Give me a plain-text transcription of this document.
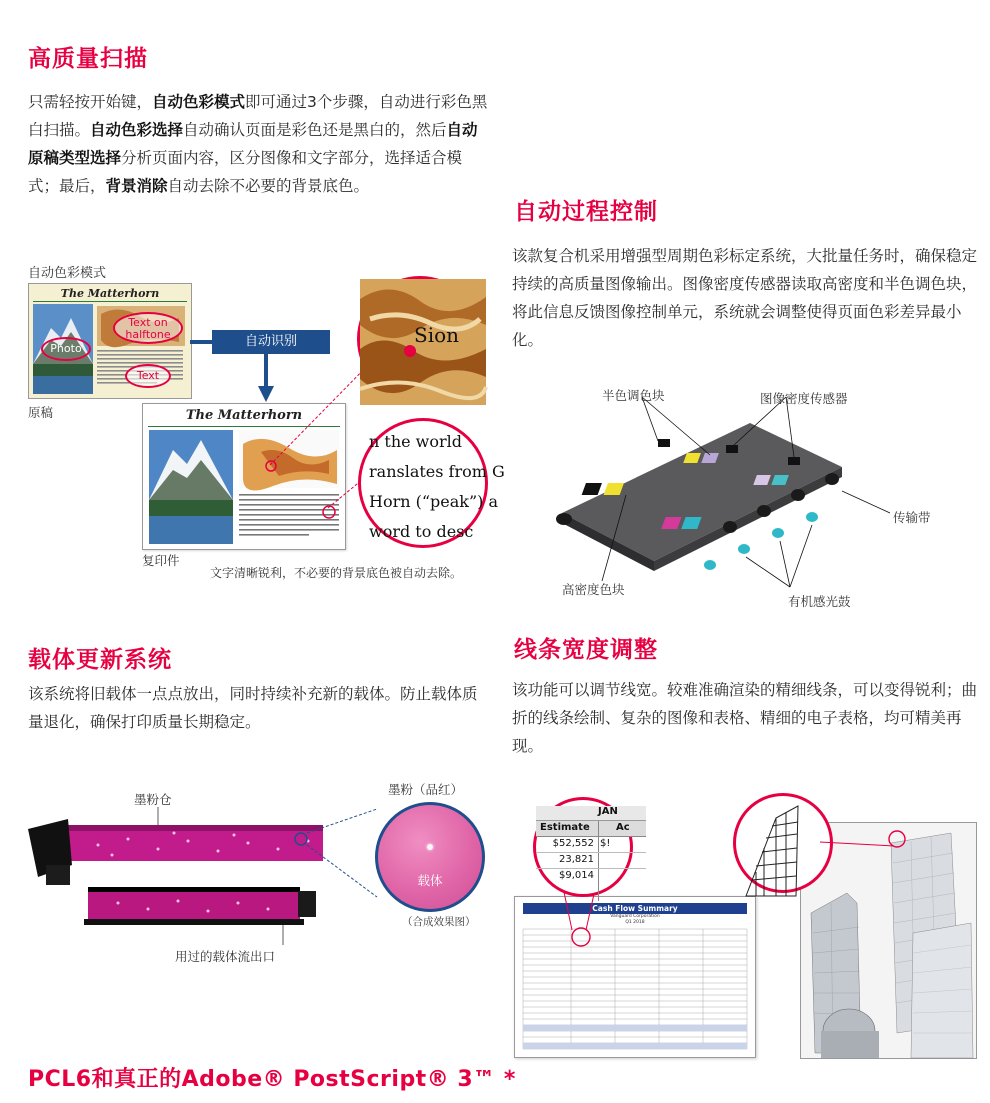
高质量扫描
只需轻按开始键，自动色彩模式即可通过3个步骤，自动进行彩色黑白扫描。自动色彩选择自动确认页面是彩色还是黑白的，然后自动原稿类型选择分析页面内容，区分图像和文字部分，选择适合模式；最后，背景消除自动去除不必要的背景底色。
自动色彩模式
The Matterhorn
Text on halftone
Photo
Text
原稿
自动识别
The Matterhorn
复印件
Sion
n the world
ranslates from G
Horn (“peak”) a
word to desc
文字清晰锐利，不必要的背景底色被自动去除。
自动过程控制
该款复合机采用增强型周期色彩标定系统，大批量任务时，确保稳定持续的高质量图像输出。图像密度传感器读取高密度和半色调色块，将此信息反馈图像控制单元，系统就会调整使得页面色彩差异最小化。
半色调色块	图像密度传感器
传输带
高密度色块
有机感光鼓
载体更新系统
该系统将旧载体一点点放出，同时持续补充新的载体。防止载体质量退化，确保打印质量长期稳定。
墨粉仓
墨粉（品红）
载体
（合成效果图）
用过的载体流出口
线条宽度调整
该功能可以调节线宽。较难准确渲染的精细线条，可以变得锐利；曲折的线条绘制、复杂的图像和表格、精细的电子表格，均可精美再现。
Cash Flow Summary
Vanguard Corporation
Q1 2018
JAN
Estimate	Ac
$52,552
23,821
$9,014
$!
PCL6和真正的Adobe® PostScript® 3™ *
